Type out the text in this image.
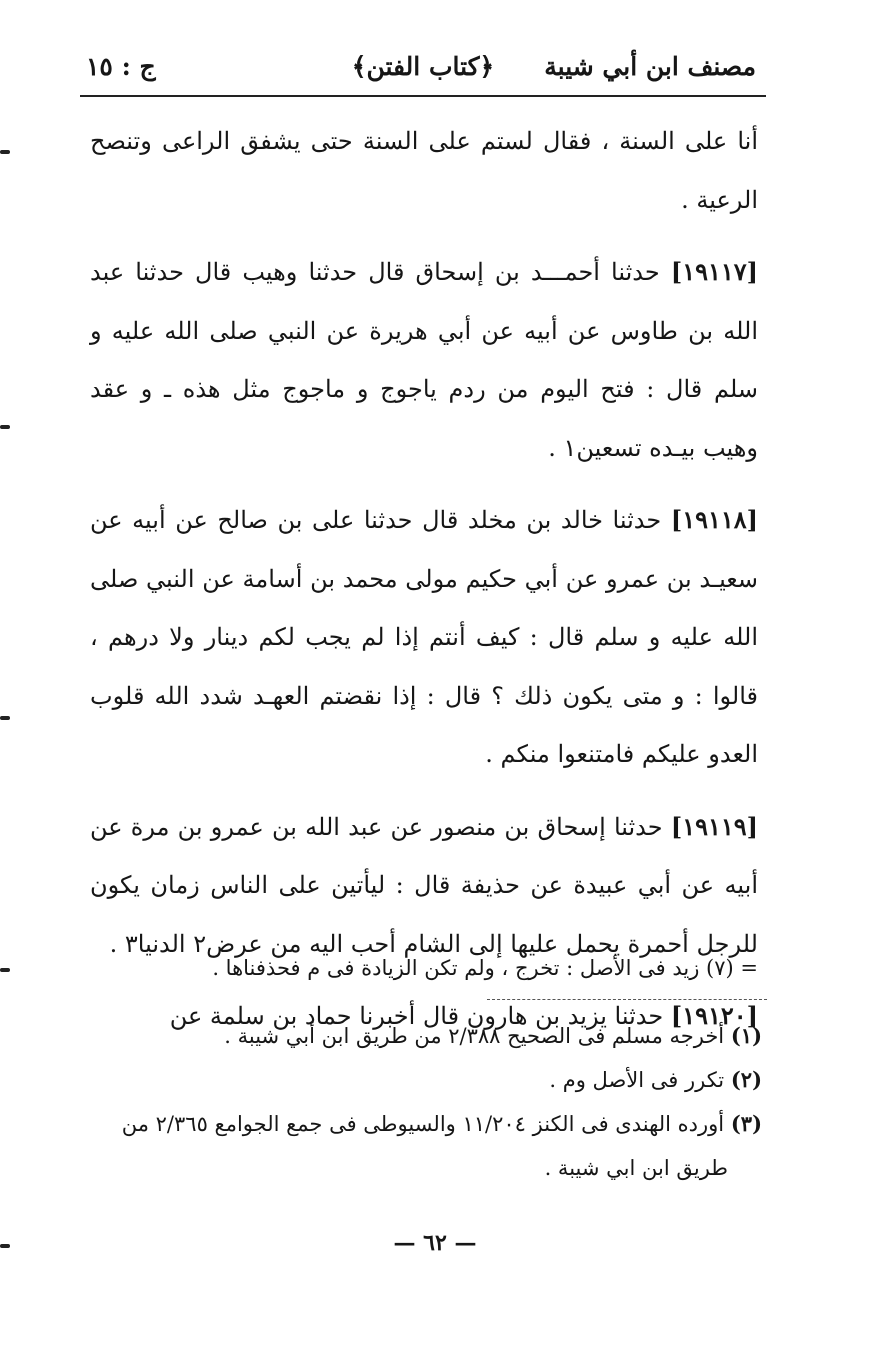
مصنف ابن أبي شيبة
﴿كتاب الفتن﴾
ج : ١٥

أنا على السنة ، فقال لستم على السنة حتى يشفق الراعى وتنصح الرعية .

[١٩١١٧] حدثنا أحمـــد بن إسحاق قال حدثنا وهيب قال حدثنا عبد الله بن طاوس عن أبيه عن أبي هريرة عن النبي صلى الله عليه و سلم قال : فتح اليوم من ردم ياجوج و ماجوج مثل هذه ـ و عقد وهيب بيـده تسعين١ .

[١٩١١٨] حدثنا خالد بن مخلد قال حدثنا على بن صالح عن أبيه عن سعيـد بن عمرو عن أبي حكيم مولى محمد بن أسامة عن النبي صلى الله عليه و سلم قال : كيف أنتم إذا لم يجب لكم دينار ولا درهم ، قالوا : و متى يكون ذلك ؟ قال : إذا نقضتم العهـد شدد الله قلوب العدو عليكم فامتنعوا منكم .

[١٩١١٩] حدثنا إسحاق بن منصور عن عبد الله بن عمرو بن مرة عن أبيه عن أبي عبيدة عن حذيفة قال : ليأتين على الناس زمان يكون للرجل أحمرة يحمل عليها إلى الشام أحب اليه من عرض٢ الدنيا٣ .

[١٩١٢٠] حدثنا يزيد بن هارون قال أخبرنا حماد بن سلمة عن

= (٧) زيد فى الأصل : تخرج ، ولم تكن الزيادة فى م فحذفناها .

(١) أخرجه مسلم فى الصحيح ٢/٣٨٨ من طريق ابن أبي شيبة .

(٢) تكرر فى الأصل وم .

(٣) أورده الهندى فى الكنز ١١/٢٠٤ والسيوطى فى جمع الجوامع ٢/٣٦٥ من
طريق ابن ابي شيبة .

— ٦٢ —
